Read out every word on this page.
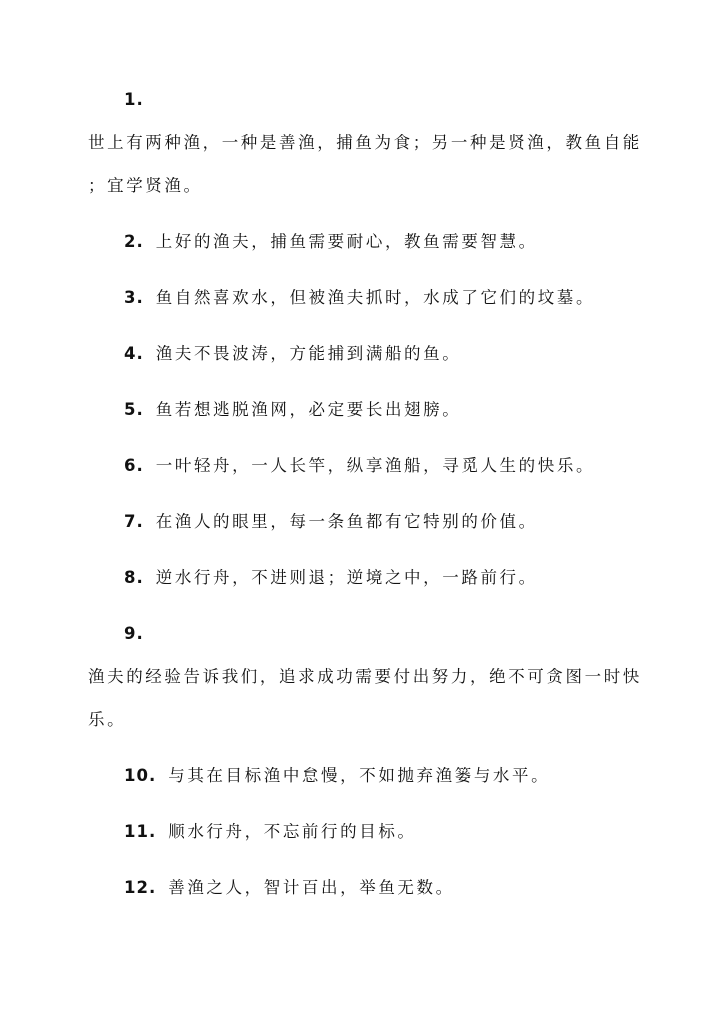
1.
世上有两种渔，一种是善渔，捕鱼为食；另一种是贤渔，教鱼自能
；宜学贤渔。
2. 上好的渔夫，捕鱼需要耐心，教鱼需要智慧。
3. 鱼自然喜欢水，但被渔夫抓时，水成了它们的坟墓。
4. 渔夫不畏波涛，方能捕到满船的鱼。
5. 鱼若想逃脱渔网，必定要长出翅膀。
6. 一叶轻舟，一人长竿，纵享渔船，寻觅人生的快乐。
7. 在渔人的眼里，每一条鱼都有它特别的价值。
8. 逆水行舟，不进则退；逆境之中，一路前行。
9.
渔夫的经验告诉我们，追求成功需要付出努力，绝不可贪图一时快
乐。
10. 与其在目标渔中怠慢，不如抛弃渔篓与水平。
11. 顺水行舟，不忘前行的目标。
12. 善渔之人，智计百出，举鱼无数。
